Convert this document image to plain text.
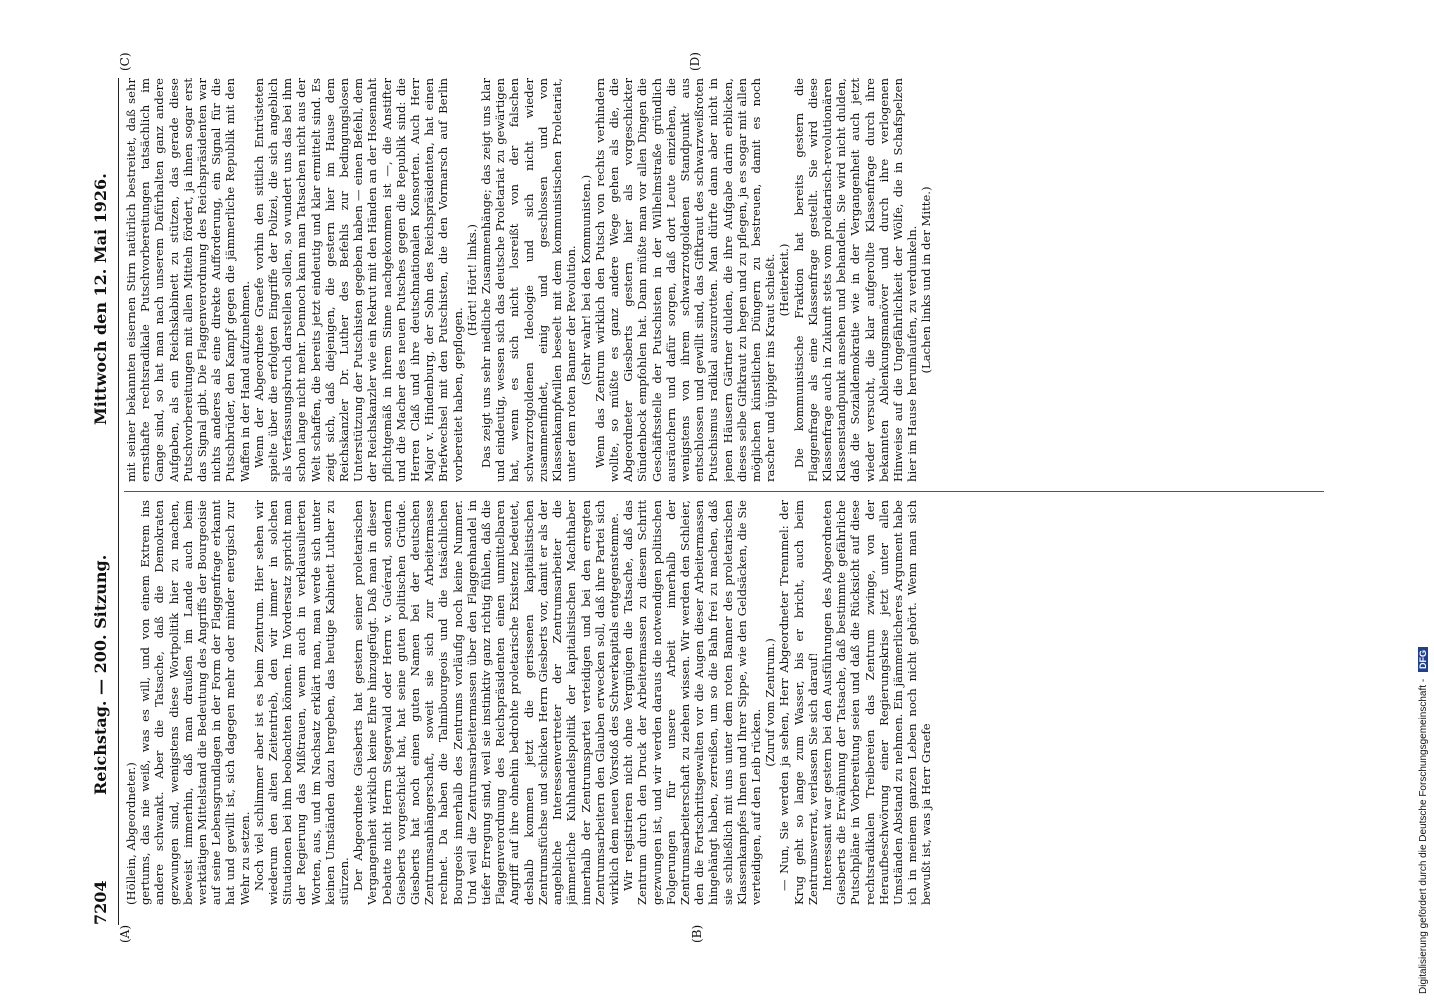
7204
Reichstag. — 200. Sitzung.
Mittwoch den 12. Mai 1926.
(A)	(B)
(C)	(D)

(Höllein, Abgeordneter.) gertums, das nie weiß, was es will, und von einem Extrem ins andere schwankt. Aber die Tatsache, daß die Demokraten gezwungen sind, wenigstens diese Wortpolitik hier zu machen, beweist immerhin, daß man draußen im Lande auch beim werktätigen Mittelstand die Bedeutung des Angriffs der Bourgeoisie auf seine Lebensgrundlagen in der Form der Flaggenfrage erkannt hat und gewillt ist, sich dagegen mehr oder minder energisch zur Wehr zu setzen. Noch viel schlimmer aber ist es beim Zentrum. Hier sehen wir wiederum den alten Zeitentrieb, den wir immer in solchen Situationen bei ihm beobachten können. Im Vordersatz spricht man der Regierung das Mißtrauen, wenn auch in verklausulierten Worten, aus, und im Nachsatz erklärt man, man werde sich unter keinen Umständen dazu hergeben, das heutige Kabinett Luther zu stürzen. Der Abgeordnete Giesberts hat gestern seiner proletarischen Vergangenheit wirklich keine Ehre hinzugefügt. Daß man in dieser Debatte nicht Herrn Stegerwald oder Herrn v. Guérard, sondern Giesberts vorgeschickt hat, hat seine guten politischen Gründe. Giesberts hat noch einen guten Namen bei der deutschen Zentrumsanhängerschaft, soweit sie sich zur Arbeitermasse rechnet. Da haben die Talmibourgeois und die tatsächlichen Bourgeois innerhalb des Zentrums vorläufig noch keine Nummer. Und weil die Zentrumsarbeitermassen über den Flaggenhandel in tiefer Erregung sind, weil sie instinktiv ganz richtig fühlen, daß die Flaggenverordnung des Reichspräsidenten einen unmittelbaren Angriff auf ihre ohnehin bedrohte proletarische Existenz bedeutet, deshalb kommen jetzt die gerissenen kapitalistischen Zentrumsfüchse und schicken Herrn Giesberts vor, damit er als der angebliche Interessenvertreter der Zentrumsarbeiter die jämmerliche Kuhhandelspolitik der kapitalistischen Machthaber innerhalb der Zentrumspartei verteidigen und bei den erregten Zentrumsarbeitern den Glauben erwecken soll, daß ihre Partei sich wirklich dem neuen Vorstoß des Schwerkapitals entgegenstemme. Wir registrieren nicht ohne Vergnügen die Tatsache, daß das Zentrum durch den Druck der Arbeitermassen zu diesem Schritt gezwungen ist, und wir werden daraus die notwendigen politischen Folgerungen für unsere Arbeit innerhalb der Zentrumsarbeiterschaft zu ziehen wissen. Wir werden den Schleier, den die Fortschrittsgewalten vor die Augen dieser Arbeitermassen hingehängt haben, zerreißen, um so die Bahn frei zu machen, daß sie schließlich mit uns unter dem roten Banner des proletarischen Klassenkampfes Ihnen und Ihrer Sippe, wie den Geldsäcken, die Sie verteidigen, auf den Leib rücken.

(Zuruf vom Zentrum.) — Nun, Sie werden ja sehen, Herr Abgeordneter Trennmel: der Krug geht so lange zum Wasser, bis er bricht, auch beim Zentrumsverrat, verlassen Sie sich darauf! Interessant war gestern bei den Ausführungen des Abgeordneten Giesberts die Erwähnung der Tatsache, daß bestimmte gefährliche Putschpläne in Vorbereitung seien und daß die Rücksicht auf diese rechtsradikalen Treibereien das Zentrum zwinge, von der Heraufbeschwörung einer Regierungskrise jetzt unter allen Umständen Abstand zu nehmen. Ein jämmerlicheres Argument habe ich in meinem ganzen Leben noch nicht gehört. Wenn man sich bewußt ist, was ja Herr Graefe

mit seiner bekannten eisernen Stirn natürlich bestreitet, daß sehr ernsthafte rechtsradikale Putschvorbereitungen tatsächlich im Gange sind, so hat man nach unserem Dafürhalten ganz andere Aufgaben, als ein Reichskabinett zu stützen, das gerade diese Putschvorbereitungen mit allen Mitteln fördert, ja ihnen sogar erst das Signal gibt. Die Flaggenverordnung des Reichspräsidenten war nichts anderes als eine direkte Aufforderung, ein Signal für die Putschbrüder, den Kampf gegen die jämmerliche Republik mit den Waffen in der Hand aufzunehmen. Wenn der Abgeordnete Graefe vorhin den sittlich Entrüsteten spielte über die erfolgten Eingriffe der Polizei, die sich angeblich als Verfassungsbruch darstellen sollen, so wundert uns das bei ihm schon lange nicht mehr. Dennoch kann man Tatsachen nicht aus der Welt schaffen, die bereits jetzt eindeutig und klar ermittelt sind. Es zeigt sich, daß diejenigen, die gestern hier im Hause dem Reichskanzler Dr. Luther des Befehls zur bedingungslosen Unterstützung der Putschisten gegeben haben — einen Befehl, dem der Reichskanzler wie ein Rekrut mit den Händen an der Hosennaht pflichtgemäß in ihrem Sinne nachgekommen ist —, die Anstifter und die Macher des neuen Putsches gegen die Republik sind: die Herren Claß und ihre deutschnationalen Konsorten. Auch Herr Major v. Hindenburg, der Sohn des Reichspräsidenten, hat einen Briefwechsel mit den Putschisten, die den Vormarsch auf Berlin vorbereitet haben, gepflogen.

(Hört! Hört! links.) Das zeigt uns sehr niedliche Zusammenhänge; das zeigt uns klar und eindeutig, wessen sich das deutsche Proletariat zu gewärtigen hat, wenn es sich nicht losreißt von der falschen schwarzrotgoldenen Ideologie und sich nicht wieder zusammenfindet, einig und geschlossen und von Klassenkampfwillen beseelt mit dem kommunistischen Proletariat, unter dem roten Banner der Revolution. (Sehr wahr! bei den Kommunisten.) Wenn das Zentrum wirklich den Putsch von rechts verhindern wollte, so müßte es ganz andere Wege gehen als die, die Abgeordneter Giesberts gestern hier als vorgeschickter Sündenbock empfohlen hat. Dann müßte man vor allen Dingen die Geschäftsstelle der Putschisten in der Wilhelmstraße gründlich ausräuchern und dafür sorgen, daß dort Leute einziehen, die wenigstens von ihrem schwarzrotgoldenen Standpunkt aus entschlossen und gewillt sind, das Giftkraut des schwarzweißroten Putschismus radikal auszurotten. Man dürfte dann aber nicht in jenen Häusern Gärtner dulden, die ihre Aufgabe darin erblicken, dieses selbe Giftkraut zu hegen und zu pflegen, ja es sogar mit allen möglichen künstlichen Düngern zu bestreuen, damit es noch rascher und üppiger ins Kraut schießt. (Heiterkeit.) Die kommunistische Fraktion hat bereits gestern die Flaggenfrage als eine Klassenfrage gestellt. Sie wird diese Klassenfrage auch in Zukunft stets vom proletarisch-revolutionären Klassenstandpunkt ansehen und behandeln. Sie wird nicht dulden, daß die Sozialdemokratie wie in der Vergangenheit auch jetzt wieder versucht, die klar aufgerollte Klassenfrage durch ihre bekannten Ablenkungsmanöver und durch ihre verlogenen Hinweise auf die Ungefährlichkeit der Wölfe, die in Schafspelzen hier im Hause herumlaufen, zu verdunkeln. (Lachen links und in der Mitte.)

Digitalisierung gefördert durch die Deutsche Forschungsgemeinschaft - DFG
